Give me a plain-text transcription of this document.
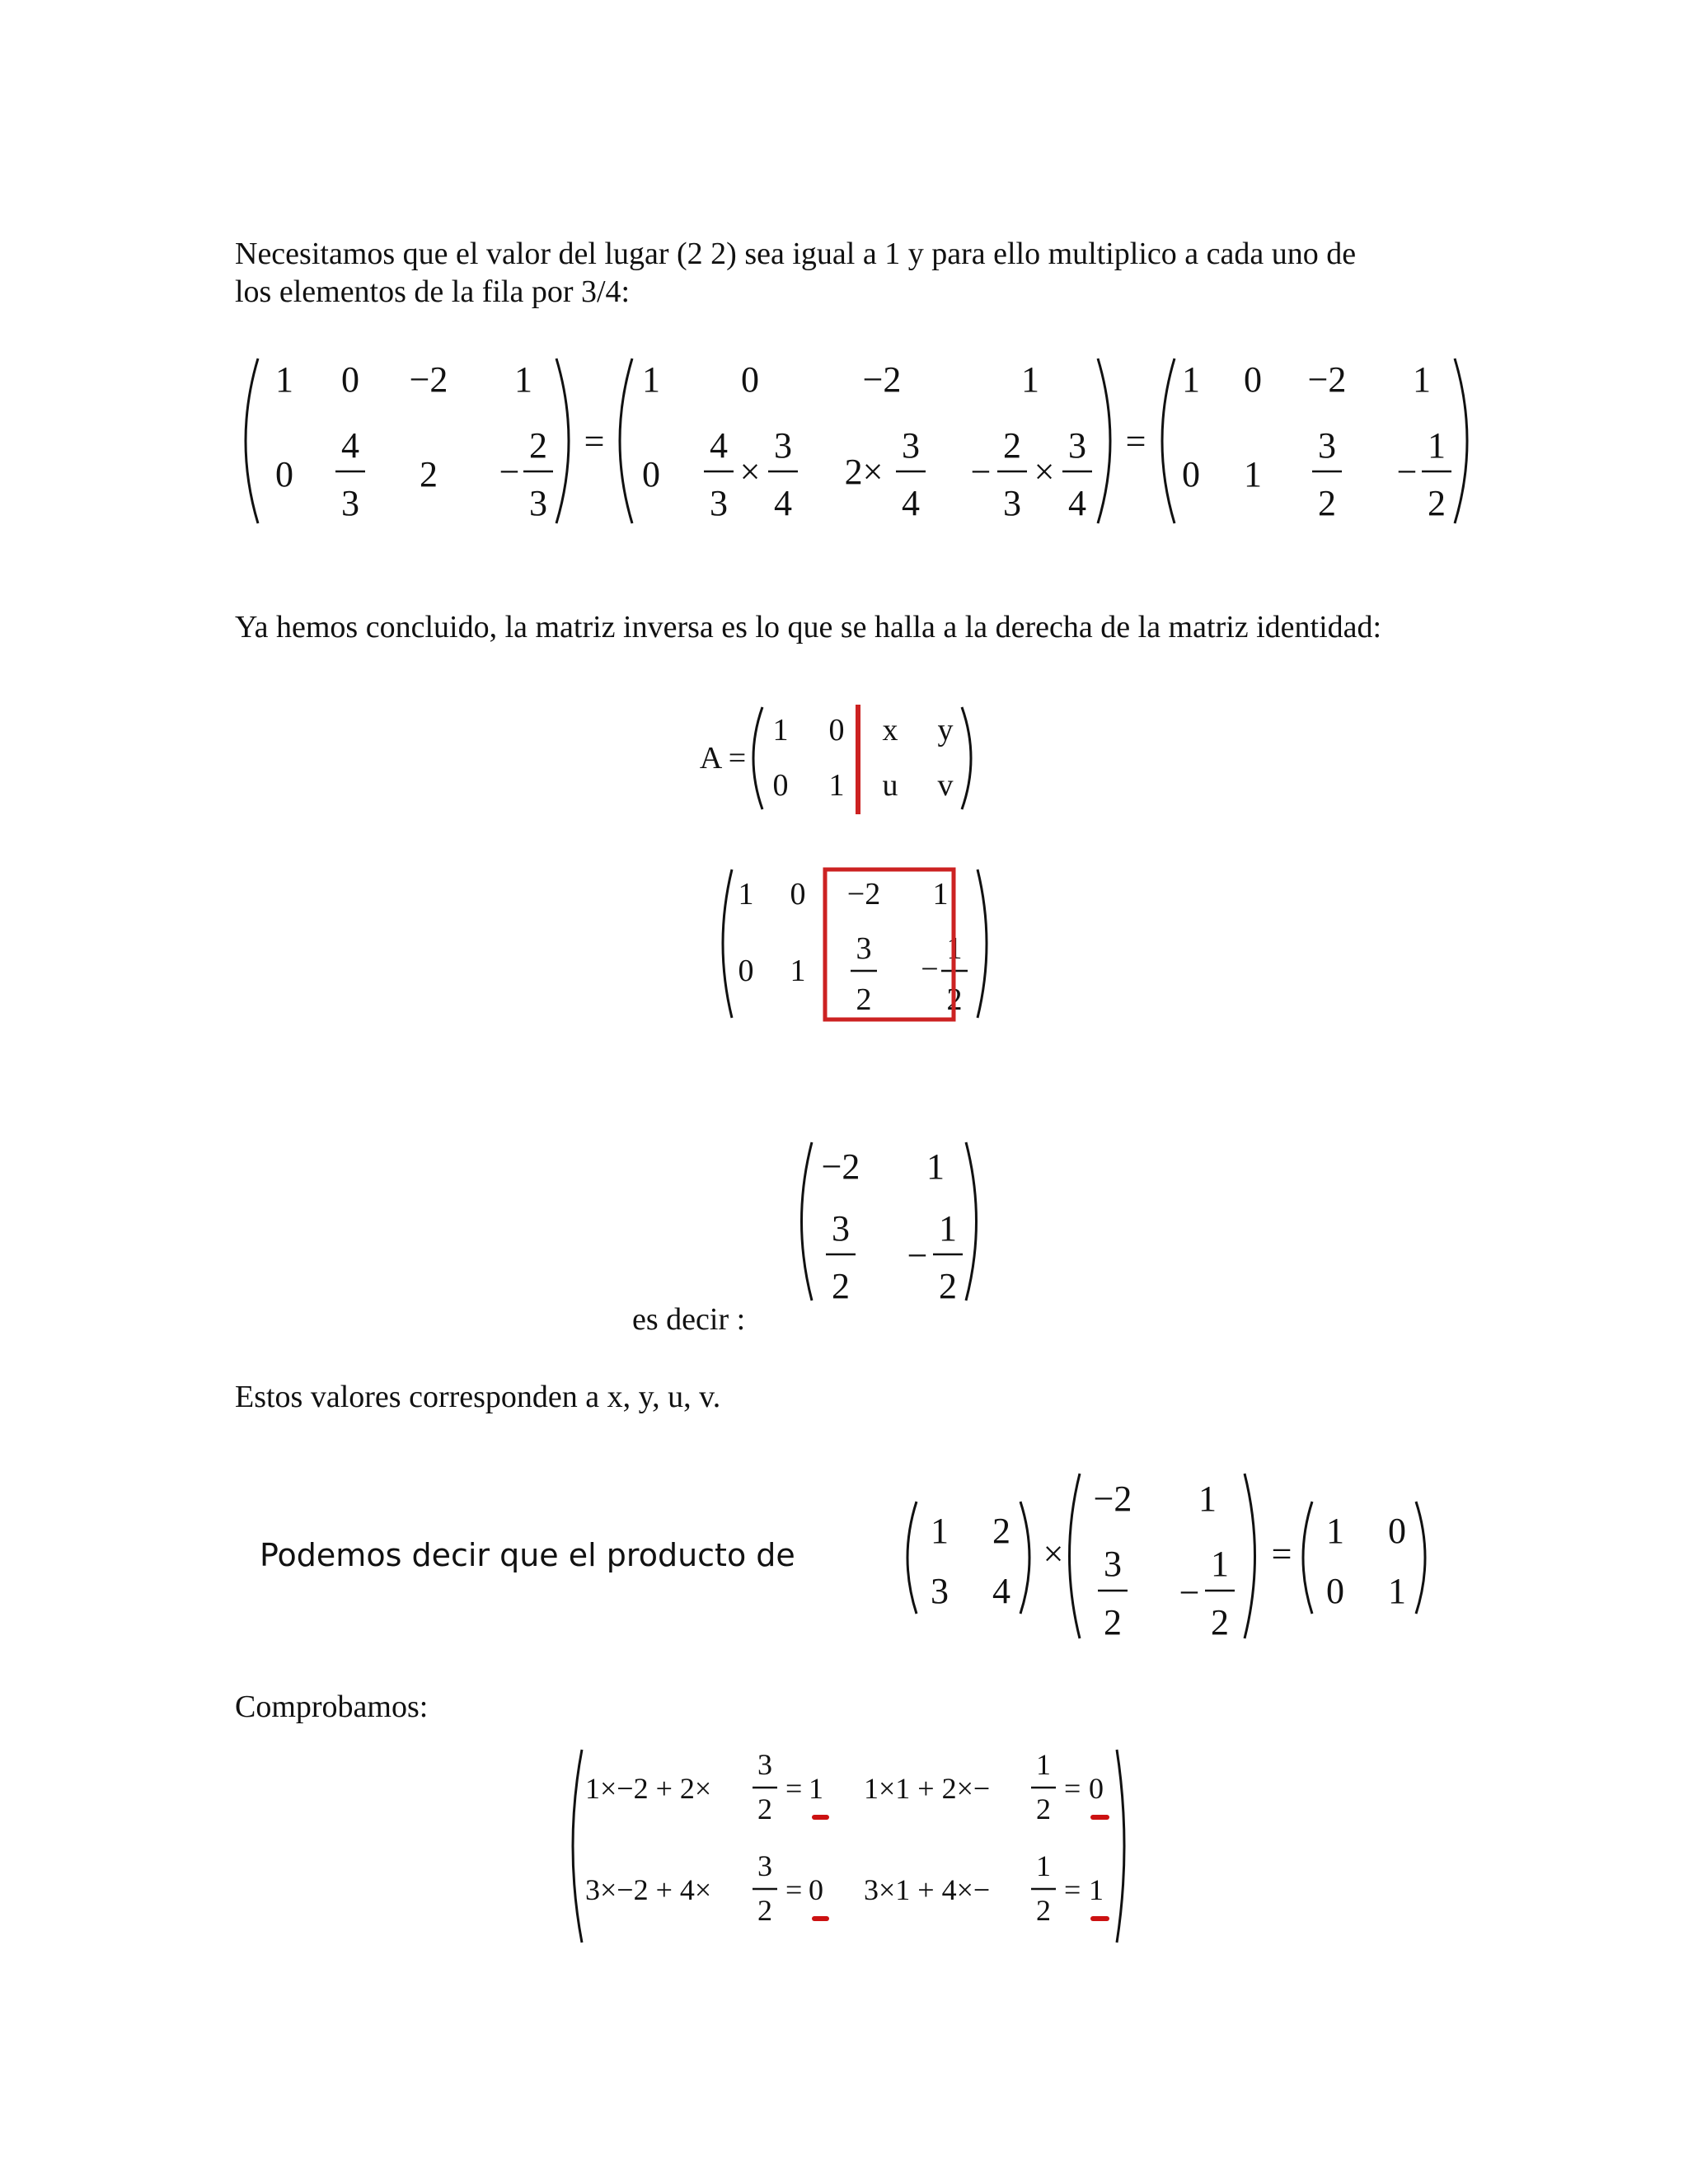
Necesitamos que el valor del lugar (2 2) sea igual a 1 y para ello multiplico a cada uno de
los elementos de la fila por 3/4:
1 0 −2 1
0
4
3
2 −
2
3
=
1 0	−2	1
0
4
3
×
3
4
2×
3
4
−
2
3
×
3
4
=
1 0 −2 1
0 1
3
2
−
1
2
Ya hemos concluido, la matriz inversa es lo que se halla a la derecha de la matriz identidad:
A =
1 0
0 1
x y
u v
1 0 −2 1
0 1
3
2
−
1
2
−2 1
3
2
−
1
2
es decir :
Estos valores corresponden a x, y, u, v.
Podemos decir que el producto de
1 2
3 4
×
−2 1
3
2
−
1
2
=
1 0
0 1
Comprobamos:
1×−2 + 2×
3
2
= 1 1×1 + 2×−
1
2
= 0
3×−2 + 4×
3
2
= 0 3×1 + 4×−
1
2
= 1
